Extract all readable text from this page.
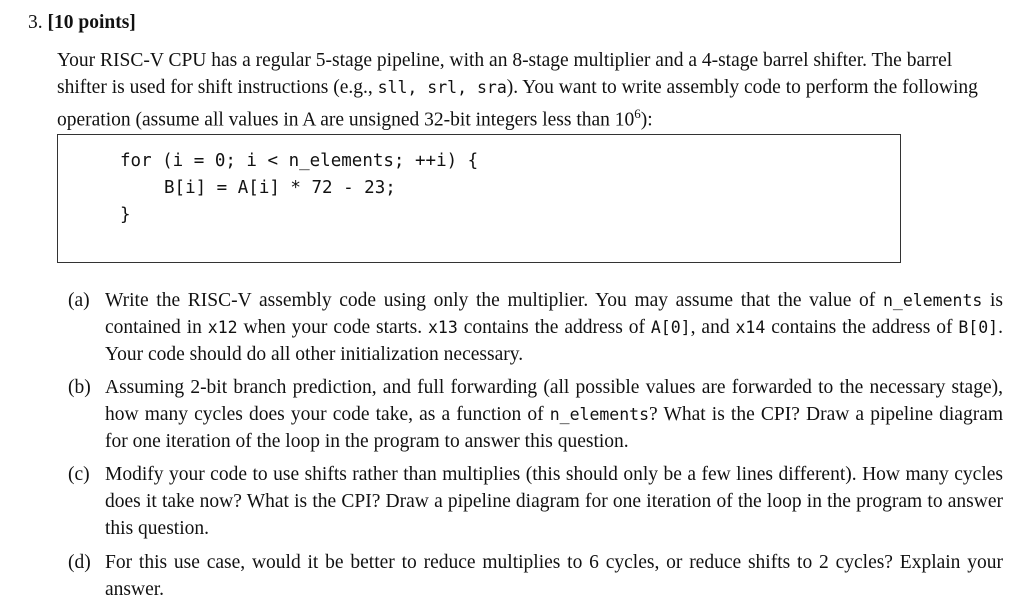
3. [10 points]
Your RISC-V CPU has a regular 5-stage pipeline, with an 8-stage multiplier and a 4-stage barrel shifter. The barrel shifter is used for shift instructions (e.g., sll, srl, sra). You want to write assembly code to perform the following operation (assume all values in A are unsigned 32-bit integers less than $10^6$):
for (i = 0; i < n_elements; ++i) {
B[i] = A[i] * 72 - 23;
}
(a) Write the RISC-V assembly code using only the multiplier. You may assume that the value of n_elements is contained in x12 when your code starts. x13 contains the address of A[0], and x14 contains the address of B[0]. Your code should do all other initialization necessary.
(b) Assuming 2-bit branch prediction, and full forwarding (all possible values are forwarded to the necessary stage), how many cycles does your code take, as a function of n_elements? What is the CPI? Draw a pipeline diagram for one iteration of the loop in the program to answer this question.
(c) Modify your code to use shifts rather than multiplies (this should only be a few lines different). How many cycles does it take now? What is the CPI? Draw a pipeline diagram for one iteration of the loop in the program to answer this question.
(d) For this use case, would it be better to reduce multiplies to 6 cycles, or reduce shifts to 2 cycles? Explain your answer.
